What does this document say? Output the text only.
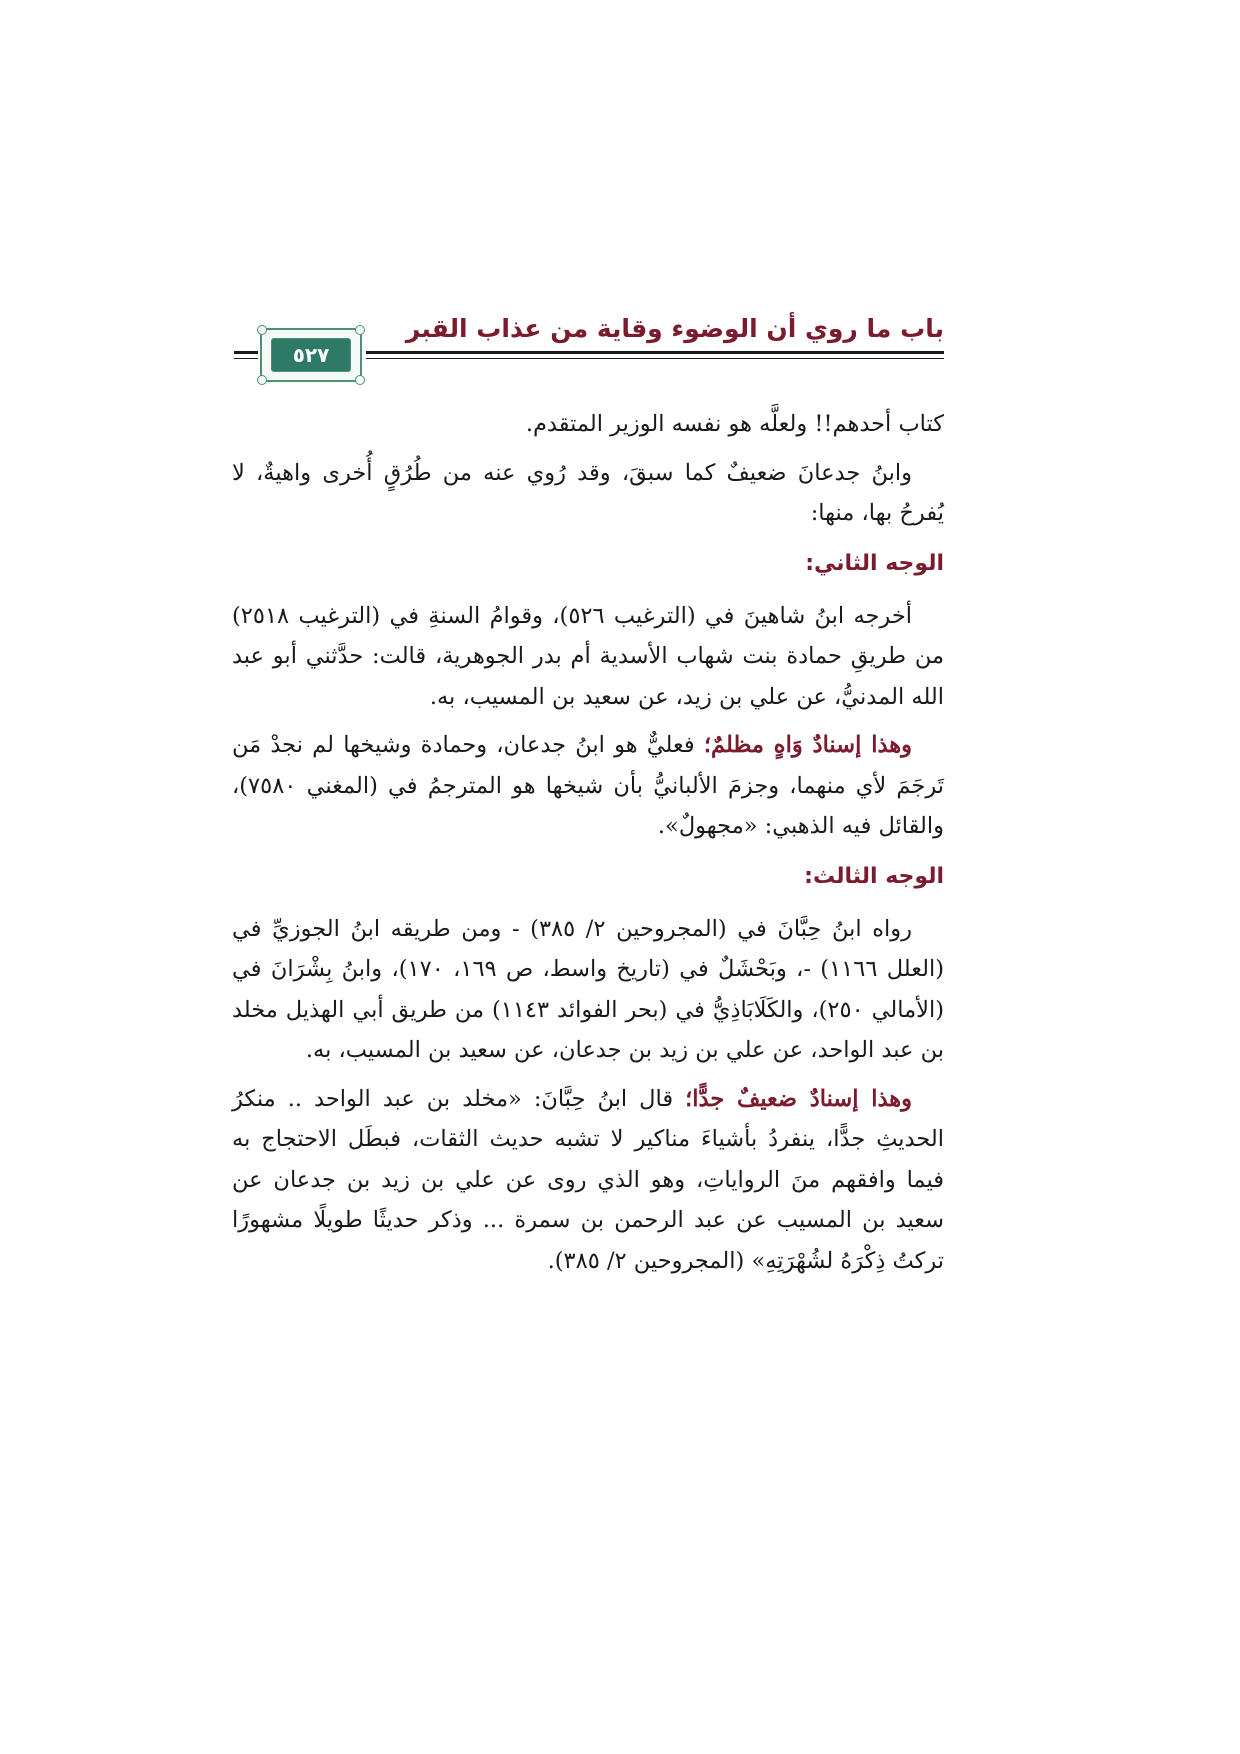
باب ما روي أن الوضوء وقاية من عذاب القبر
٥٢٧

كتاب أحدهم!! ولعلَّه هو نفسه الوزير المتقدم.

وابنُ جدعانَ ضعيفٌ كما سبقَ، وقد رُوي عنه من طُرُقٍ أُخرى واهيةٌ، لا يُفرحُ بها، منها:

الوجه الثاني:

أخرجه ابنُ شاهينَ في (الترغيب ٥٢٦)، وقوامُ السنةِ في (الترغيب ٢٥١٨) من طريقِ حمادة بنت شهاب الأسدية أم بدر الجوهرية، قالت: حدَّثني أبو عبد الله المدنيُّ، عن علي بن زيد، عن سعيد بن المسيب، به.

وهذا إسنادٌ وَاهٍ مظلمٌ؛ فعليٌّ هو ابنُ جدعان، وحمادة وشيخها لم نجدْ مَن تَرجَمَ لأي منهما، وجزمَ الألبانيُّ بأن شيخها هو المترجمُ في (المغني ٧٥٨٠)، والقائل فيه الذهبي: «مجهولٌ».

الوجه الثالث:

رواه ابنُ حِبَّانَ في (المجروحين ٢/ ٣٨٥) - ومن طريقه ابنُ الجوزيِّ في (العلل ١١٦٦) -، وبَحْشَلٌ في (تاريخ واسط، ص ١٦٩، ١٧٠)، وابنُ بِشْرَانَ في (الأمالي ٢٥٠)، والكَلَابَاذِيُّ في (بحر الفوائد ١١٤٣) من طريق أبي الهذيل مخلد بن عبد الواحد، عن علي بن زيد بن جدعان، عن سعيد بن المسيب، به.

وهذا إسنادٌ ضعيفٌ جدًّا؛ قال ابنُ حِبَّانَ: «مخلد بن عبد الواحد .. منكرُ الحديثِ جدًّا، ينفردُ بأشياءَ مناكير لا تشبه حديث الثقات، فبطَل الاحتجاج به فيما وافقهم منَ الرواياتِ، وهو الذي روى عن علي بن زيد بن جدعان عن سعيد بن المسيب عن عبد الرحمن بن سمرة ... وذكر حديثًا طويلًا مشهورًا تركتُ ذِكْرَهُ لشُهْرَتِهِ» (المجروحين ٢/ ٣٨٥).
